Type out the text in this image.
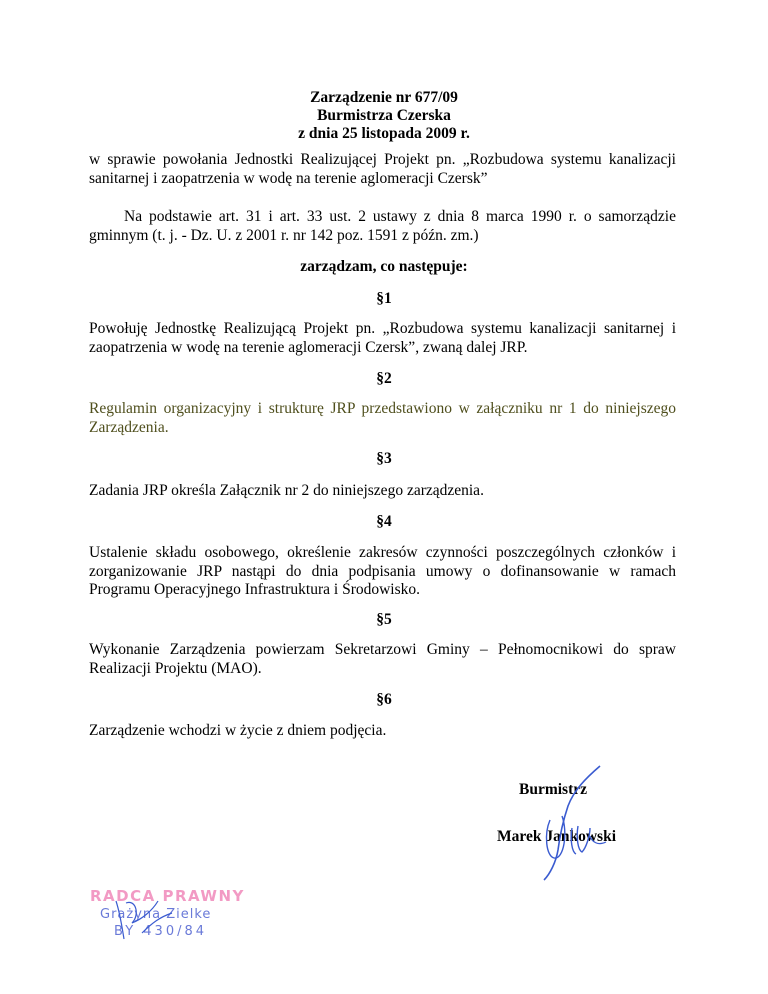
Zarządzenie nr 677/09
Burmistrza Czerska
z dnia 25 listopada 2009 r.
w sprawie powołania Jednostki Realizującej Projekt pn. „Rozbudowa systemu kanalizacji sanitarnej i zaopatrzenia w wodę na terenie aglomeracji Czersk”
Na podstawie art. 31 i art. 33 ust. 2 ustawy z dnia 8 marca 1990 r. o samorządzie gminnym (t. j. - Dz. U. z 2001 r. nr 142 poz. 1591 z późn. zm.)
zarządzam, co następuje:
§1
Powołuję Jednostkę Realizującą Projekt pn. „Rozbudowa systemu kanalizacji sanitarnej i zaopatrzenia w wodę na terenie aglomeracji Czersk”, zwaną dalej JRP.
§2
Regulamin organizacyjny i strukturę JRP przedstawiono w załączniku nr 1 do niniejszego Zarządzenia.
§3
Zadania JRP określa Załącznik nr 2 do niniejszego zarządzenia.
§4
Ustalenie składu osobowego, określenie zakresów czynności poszczególnych członków i zorganizowanie JRP nastąpi do dnia podpisania umowy o dofinansowanie w ramach Programu Operacyjnego Infrastruktura i Środowisko.
§5
Wykonanie Zarządzenia powierzam Sekretarzowi Gminy – Pełnomocnikowi do spraw Realizacji Projektu (MAO).
§6
Zarządzenie wchodzi w życie z dniem podjęcia.
Burmistrz
Marek Jankowski
RADCA PRAWNY
Grażyna Zielke
BY 430/84
